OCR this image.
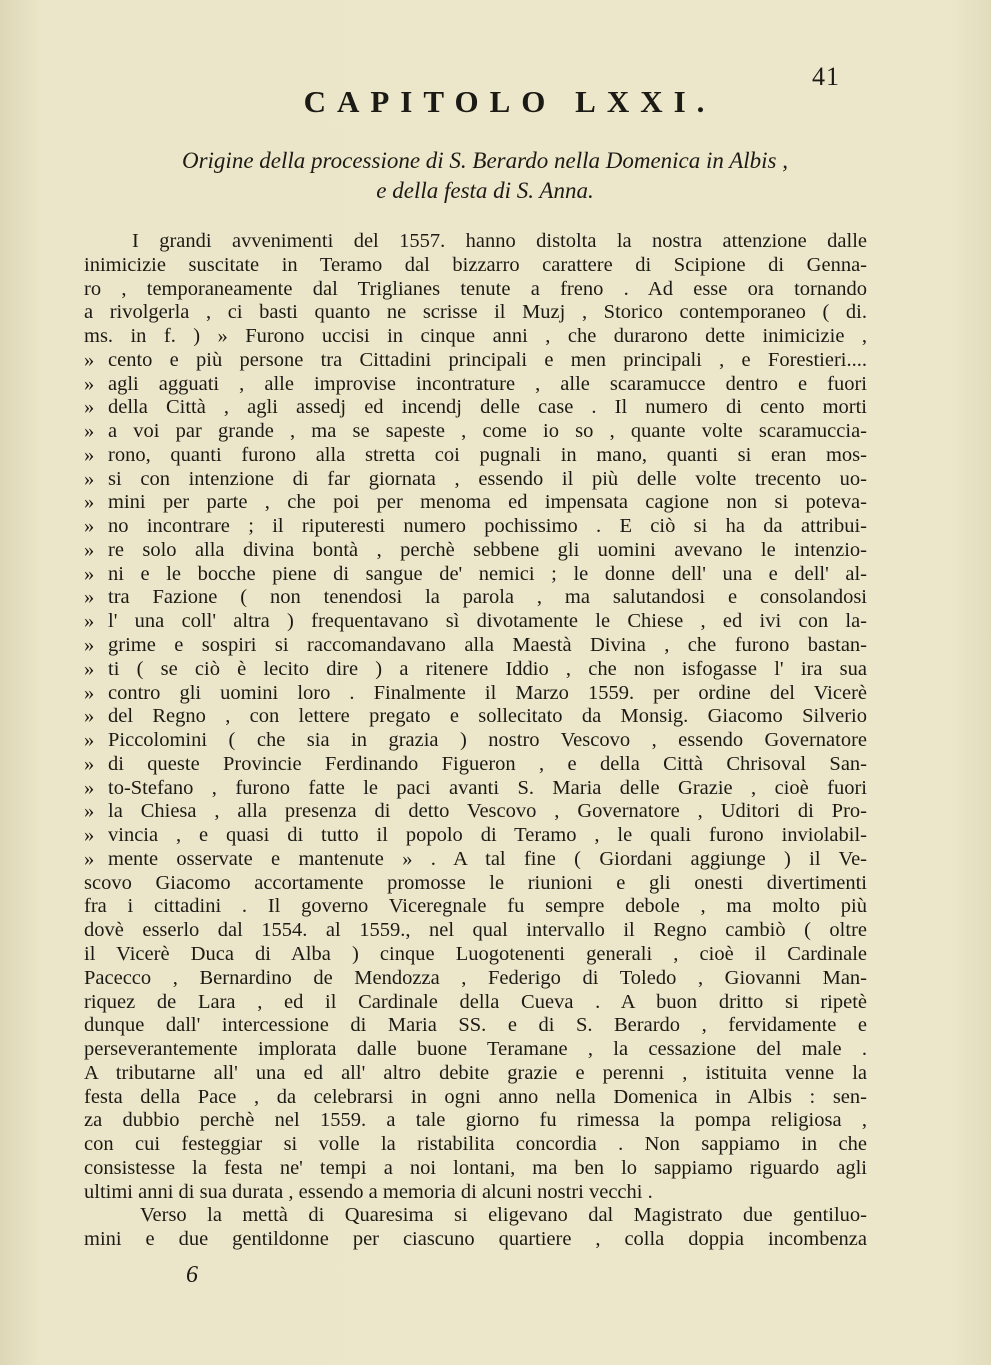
41
CAPITOLO LXXI.
Origine della processione di S. Berardo nella Domenica in Albis ,
e della festa di S. Anna.
I grandi avvenimenti del 1557. hanno distolta la nostra attenzione dalle
inimicizie suscitate in Teramo dal bizzarro carattere di Scipione di Genna-
ro , temporaneamente dal Triglianes tenute a freno . Ad esse ora tornando
a rivolgerla , ci basti quanto ne scrisse il Muzj , Storico contemporaneo ( di.
ms. in f. ) » Furono uccisi in cinque anni , che durarono dette inimicizie ,
» cento e più persone tra Cittadini principali e men principali , e Forestieri....
» agli agguati , alle improvise incontrature , alle scaramucce dentro e fuori
» della Città , agli assedj ed incendj delle case . Il numero di cento morti
» a voi par grande , ma se sapeste , come io so , quante volte scaramuccia-
» rono, quanti furono alla stretta coi pugnali in mano, quanti si eran mos-
» si con intenzione di far giornata , essendo il più delle volte trecento uo-
» mini per parte , che poi per menoma ed impensata cagione non si poteva-
» no incontrare ; il riputeresti numero pochissimo . E ciò si ha da attribui-
» re solo alla divina bontà , perchè sebbene gli uomini avevano le intenzio-
» ni e le bocche piene di sangue de' nemici ; le donne dell' una e dell' al-
» tra Fazione ( non tenendosi la parola , ma salutandosi e consolandosi
» l' una coll' altra ) frequentavano sì divotamente le Chiese , ed ivi con la-
» grime e sospiri si raccomandavano alla Maestà Divina , che furono bastan-
» ti ( se ciò è lecito dire ) a ritenere Iddio , che non isfogasse l' ira sua
» contro gli uomini loro . Finalmente il Marzo 1559. per ordine del Vicerè
» del Regno , con lettere pregato e sollecitato da Monsig. Giacomo Silverio
» Piccolomini ( che sia in grazia ) nostro Vescovo , essendo Governatore
» di queste Provincie Ferdinando Figueron , e della Città Chrisoval San-
» to-Stefano , furono fatte le paci avanti S. Maria delle Grazie , cioè fuori
» la Chiesa , alla presenza di detto Vescovo , Governatore , Uditori di Pro-
» vincia , e quasi di tutto il popolo di Teramo , le quali furono inviolabil-
» mente osservate e mantenute » . A tal fine ( Giordani aggiunge ) il Ve-
scovo Giacomo accortamente promosse le riunioni e gli onesti divertimenti
fra i cittadini . Il governo Viceregnale fu sempre debole , ma molto più
dovè esserlo dal 1554. al 1559., nel qual intervallo il Regno cambiò ( oltre
il Vicerè Duca di Alba ) cinque Luogotenenti generali , cioè il Cardinale
Pacecco , Bernardino de Mendozza , Federigo di Toledo , Giovanni Man-
riquez de Lara , ed il Cardinale della Cueva . A buon dritto si ripetè
dunque dall' intercessione di Maria SS. e di S. Berardo , fervidamente e
perseverantemente implorata dalle buone Teramane , la cessazione del male .
A tributarne all' una ed all' altro debite grazie e perenni , istituita venne la
festa della Pace , da celebrarsi in ogni anno nella Domenica in Albis : sen-
za dubbio perchè nel 1559. a tale giorno fu rimessa la pompa religiosa ,
con cui festeggiar si volle la ristabilita concordia . Non sappiamo in che
consistesse la festa ne' tempi a noi lontani, ma ben lo sappiamo riguardo agli
ultimi anni di sua durata , essendo a memoria di alcuni nostri vecchi .
Verso la mettà di Quaresima si eligevano dal Magistrato due gentiluo-
mini e due gentildonne per ciascuno quartiere , colla doppia incombenza
6
